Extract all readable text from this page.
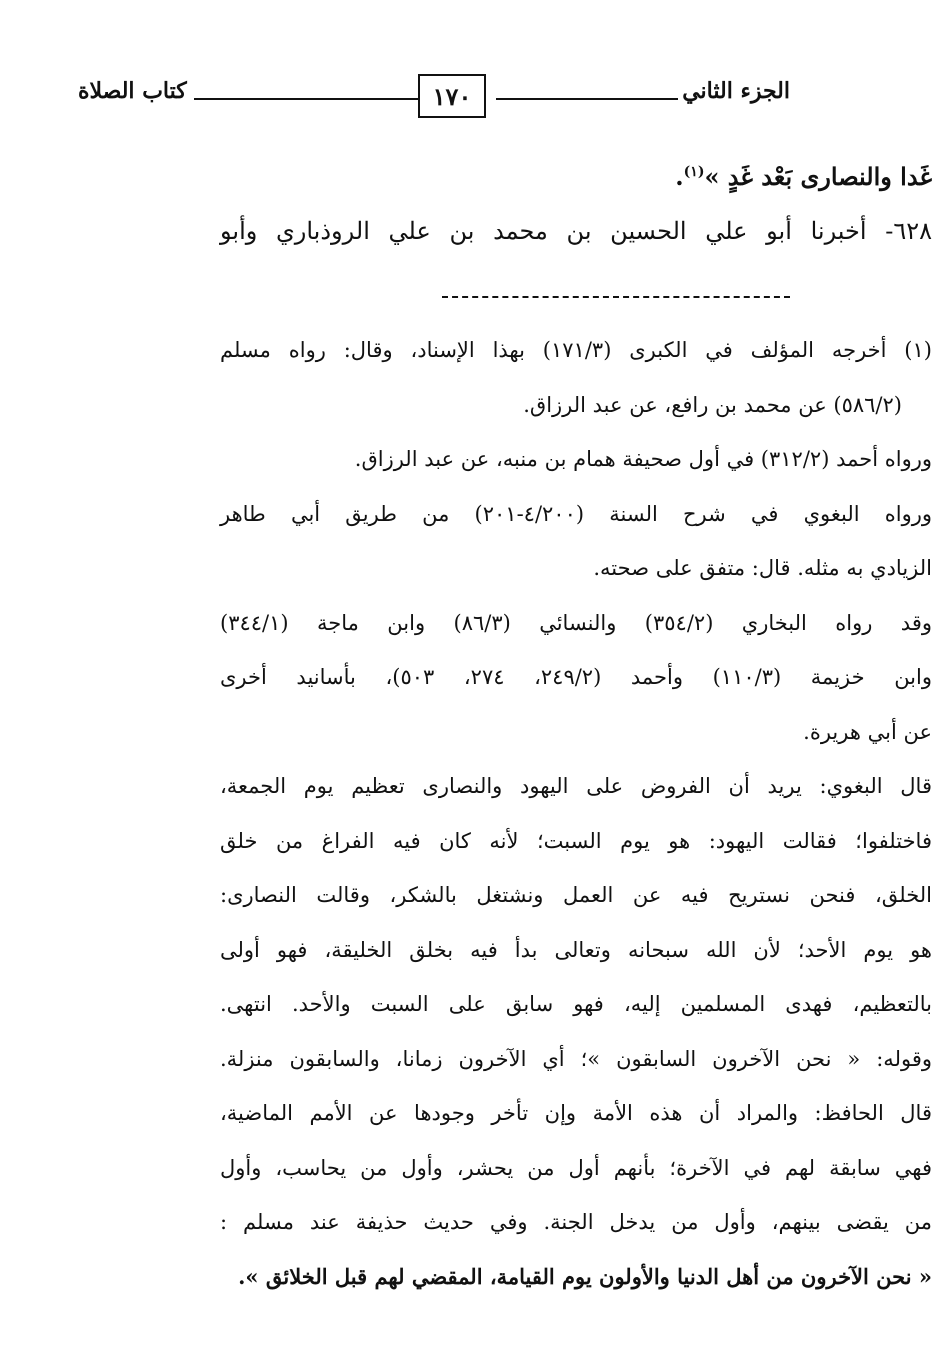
الجزء الثاني
١٧٠
كتاب الصلاة

غَدا والنصارى بَعْد غَدٍ »$^{(١)}$.

٦٢٨- أخبرنا أبو علي الحسين بن محمد بن علي الروذباري وأبو

(١) أخرجه المؤلف في الكبرى (١٧١/٣) بهذا الإسناد، وقال: رواه مسلم
(٥٨٦/٢) عن محمد بن رافع، عن عبد الرزاق.
ورواه أحمد (٣١٢/٢) في أول صحيفة همام بن منبه، عن عبد الرزاق.
ورواه البغوي في شرح السنة (٤/٢٠٠-٢٠١) من طريق أبي طاهر
الزيادي به مثله. قال: متفق على صحته.
وقد رواه البخاري (٣٥٤/٢) والنسائي (٨٦/٣) وابن ماجة (٣٤٤/١)
وابن خزيمة (١١٠/٣) وأحمد (٢٤٩/٢، ٢٧٤، ٥٠٣)، بأسانيد أخرى
عن أبي هريرة.
قال البغوي: يريد أن الفروض على اليهود والنصارى تعظيم يوم الجمعة،
فاختلفوا؛ فقالت اليهود: هو يوم السبت؛ لأنه كان فيه الفراغ من خلق
الخلق، فنحن نستريح فيه عن العمل ونشتغل بالشكر، وقالت النصارى:
هو يوم الأحد؛ لأن الله سبحانه وتعالى بدأ فيه بخلق الخليقة، فهو أولى
بالتعظيم، فهدى المسلمين إليه، فهو سابق على السبت والأحد. انتهى.
وقوله: « نحن الآخرون السابقون »؛ أي الآخرون زمانا، والسابقون منزلة.
قال الحافظ: والمراد أن هذه الأمة وإن تأخر وجودها عن الأمم الماضية،
فهي سابقة لهم في الآخرة؛ بأنهم أول من يحشر، وأول من يحاسب، وأول
من يقضى بينهم، وأول من يدخل الجنة. وفي حديث حذيفة عند مسلم :
« نحن الآخرون من أهل الدنيا والأولون يوم القيامة، المقضي لهم قبل الخلائق ».
